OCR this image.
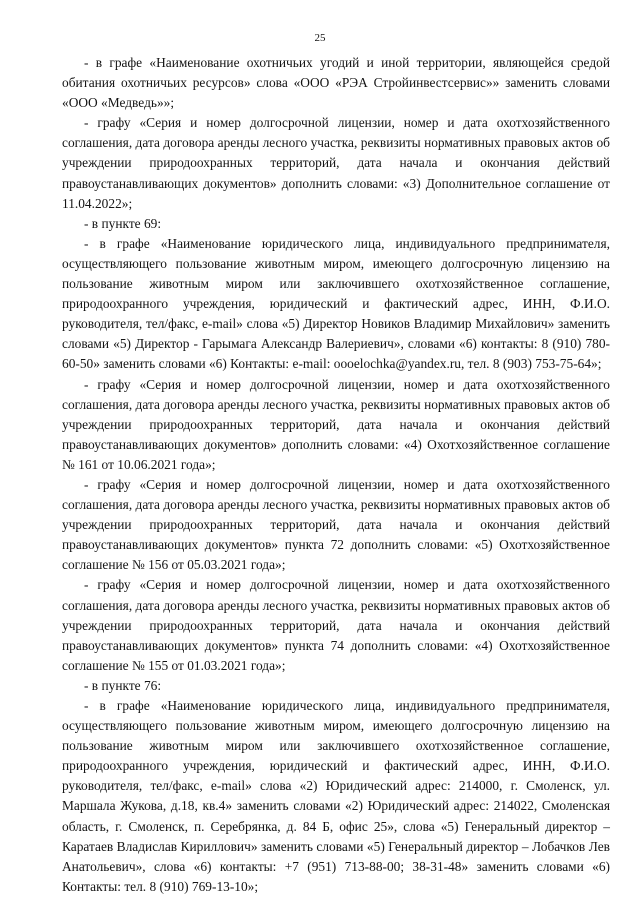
25

- в графе «Наименование охотничьих угодий и иной территории, являющейся средой обитания охотничьих ресурсов» слова «ООО «РЭА Стройинвестсервис»» заменить словами «ООО «Медведь»»;

- графу «Серия и номер долгосрочной лицензии, номер и дата охотхозяйственного соглашения, дата договора аренды лесного участка, реквизиты нормативных правовых актов об учреждении природоохранных территорий, дата начала и окончания действий правоустанавливающих документов» дополнить словами: «3) Дополнительное соглашение от 11.04.2022»;

- в пункте 69:

- в графе «Наименование юридического лица, индивидуального предпринимателя, осуществляющего пользование животным миром, имеющего долгосрочную лицензию на пользование животным миром или заключившего охотхозяйственное соглашение, природоохранного учреждения, юридический и фактический адрес, ИНН, Ф.И.О. руководителя, тел/факс, e-mail» слова «5) Директор Новиков Владимир Михайлович» заменить словами «5) Директор - Гарымага Александр Валериевич», словами «6) контакты: 8 (910) 780-60-50» заменить словами «6) Контакты: e-mail: oooelochka@yandex.ru, тел. 8 (903) 753-75-64»;

- графу «Серия и номер долгосрочной лицензии, номер и дата охотхозяйственного соглашения, дата договора аренды лесного участка, реквизиты нормативных правовых актов об учреждении природоохранных территорий, дата начала и окончания действий правоустанавливающих документов» дополнить словами: «4) Охотхозяйственное соглашение № 161 от 10.06.2021 года»;

- графу «Серия и номер долгосрочной лицензии, номер и дата охотхозяйственного соглашения, дата договора аренды лесного участка, реквизиты нормативных правовых актов об учреждении природоохранных территорий, дата начала и окончания действий правоустанавливающих документов» пункта 72 дополнить словами: «5) Охотхозяйственное соглашение № 156 от 05.03.2021 года»;

- графу «Серия и номер долгосрочной лицензии, номер и дата охотхозяйственного соглашения, дата договора аренды лесного участка, реквизиты нормативных правовых актов об учреждении природоохранных территорий, дата начала и окончания действий правоустанавливающих документов» пункта 74 дополнить словами: «4) Охотхозяйственное соглашение № 155 от 01.03.2021 года»;

- в пункте 76:

- в графе «Наименование юридического лица, индивидуального предпринимателя, осуществляющего пользование животным миром, имеющего долгосрочную лицензию на пользование животным миром или заключившего охотхозяйственное соглашение, природоохранного учреждения, юридический и фактический адрес, ИНН, Ф.И.О. руководителя, тел/факс, e-mail» слова «2) Юридический адрес: 214000, г. Смоленск, ул. Маршала Жукова, д.18, кв.4» заменить словами «2) Юридический адрес: 214022, Смоленская область, г. Смоленск, п. Серебрянка, д. 84 Б, офис 25», слова «5) Генеральный директор – Каратаев Владислав Кириллович» заменить словами «5) Генеральный директор – Лобачков Лев Анатольевич», слова «6) контакты: +7 (951) 713-88-00; 38-31-48» заменить словами «6) Контакты: тел. 8 (910) 769-13-10»;
